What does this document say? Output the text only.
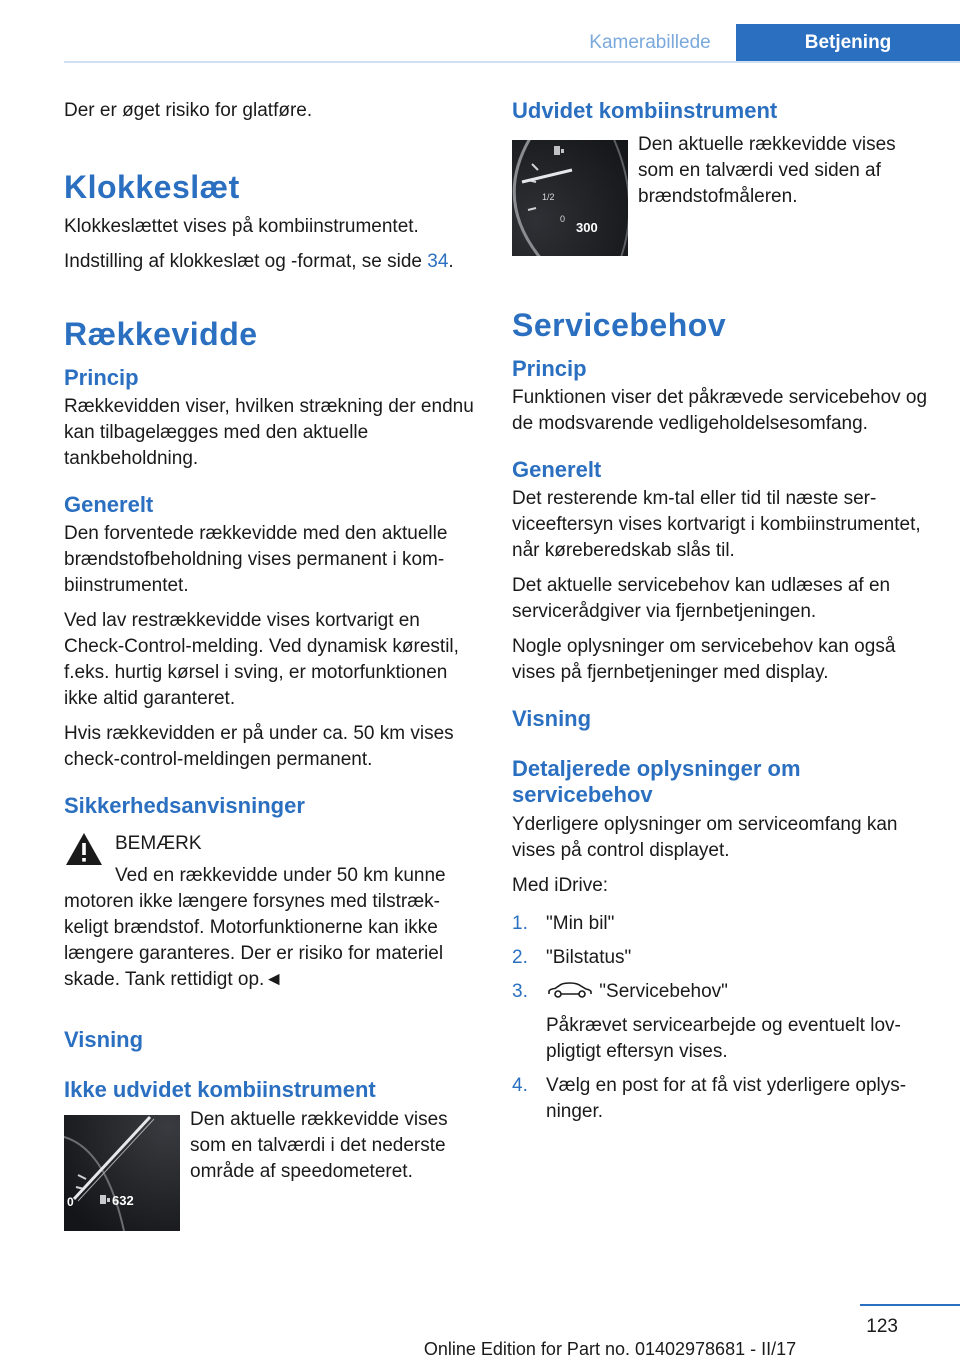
Kamerabillede	Betjening

Der er øget risiko for glatføre.

Klokkeslæt

Klokkeslættet vises på kombiinstrumentet.

Indstilling af klokkeslæt og -format, se side 34.

Rækkevidde
Princip

Rækkevidden viser, hvilken strækning der endnu kan tilbagelægges med den aktuelle tankbeholdning.

Generelt

Den forventede rækkevidde med den aktuelle brændstofbeholdning vises permanent i kombiinstrumentet.

Ved lav restrækkevidde vises kortvarigt en Check-Control-melding. Ved dynamisk kørestil, f.eks. hurtig kørsel i sving, er motorfunktionen ikke altid garanteret.

Hvis rækkevidden er på under ca. 50 km vises check-control-meldingen permanent.

Sikkerhedsanvisninger

BEMÆRK

Ved en rækkevidde under 50 km kunne

motoren ikke længere forsynes med tilstrækkeligt brændstof. Motorfunktionerne kan ikke længere garanteres. Der er risiko for materiel skade. Tank rettidigt op.◄

Visning
Ikke udvidet kombiinstrument
0	632

Den aktuelle rækkevidde vises som en talværdi i det nederste område af speedometeret.

Udvidet kombiinstrument
1/2
0
300

Den aktuelle rækkevidde vises som en talværdi ved siden af brændstofmåleren.

Servicebehov
Princip

Funktionen viser det påkrævede servicebehov og de modsvarende vedligeholdelsesomfang.

Generelt

Det resterende km-tal eller tid til næste serviceeftersyn vises kortvarigt i kombiinstrumentet, når køreberedskab slås til.

Det aktuelle servicebehov kan udlæses af en servicerådgiver via fjernbetjeningen.

Nogle oplysninger om servicebehov kan også vises på fjernbetjeninger med display.

Visning
Detaljerede oplysninger om servicebehov

Yderligere oplysninger om serviceomfang kan vises på control displayet.

Med iDrive:

1. "Min bil"
2. "Bilstatus"
3.	"Servicebehov"
Påkrævet servicearbejde og eventuelt lovpligtigt eftersyn vises.
4. Vælg en post for at få vist yderligere oplysninger.
123
Online Edition for Part no. 01402978681 - II/17
